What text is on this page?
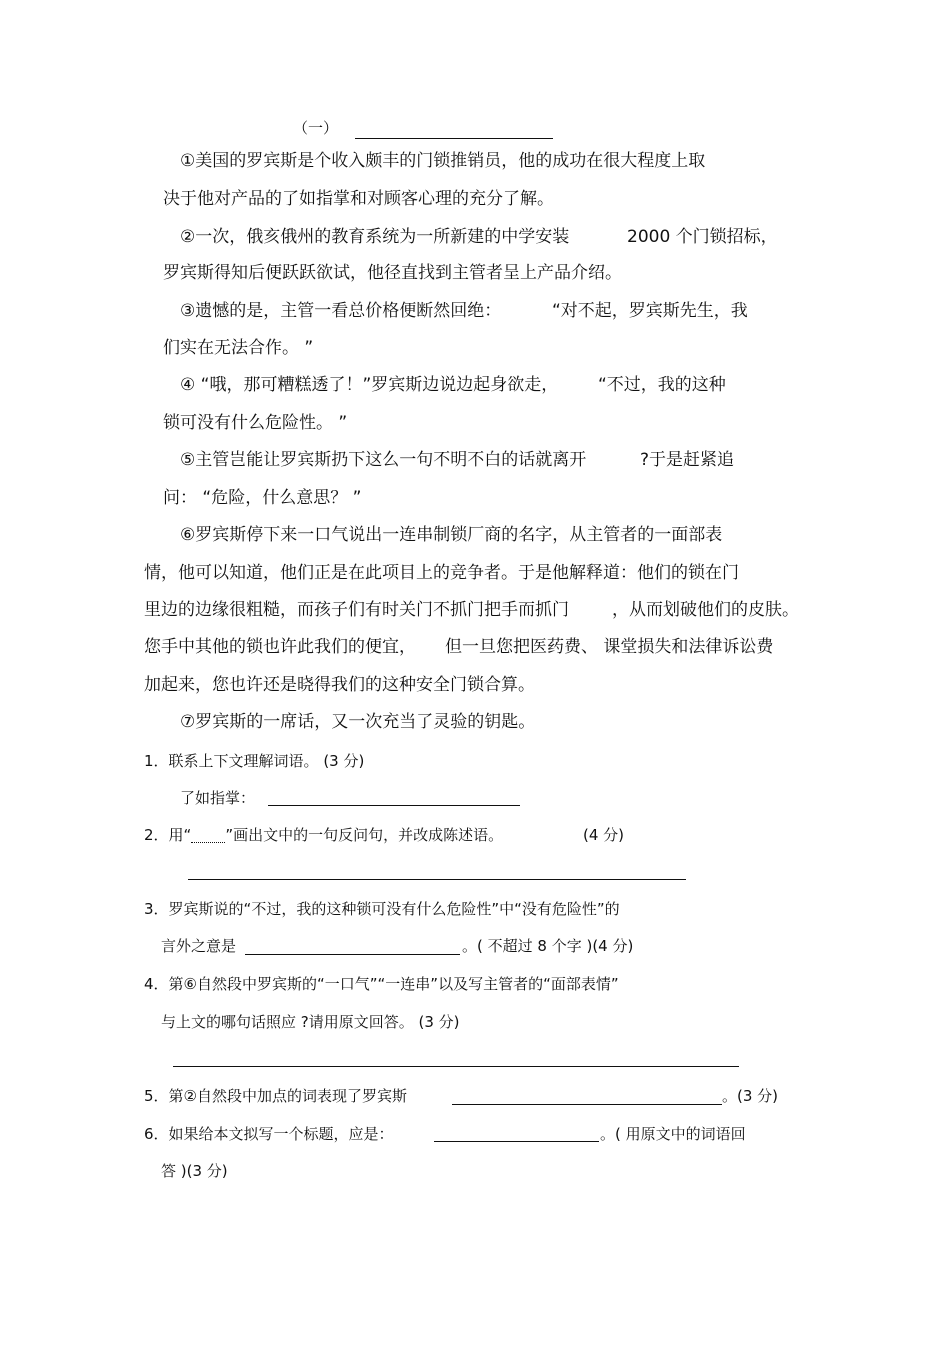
（一）
①美国的罗宾斯是个收入颇丰的门锁推销员，他的成功在很大程度上取
决于他对产品的了如指掌和对顾客心理的充分了解。
②一次，俄亥俄州的教育系统为一所新建的中学安装	2000 个门锁招标，
罗宾斯得知后便跃跃欲试，他径直找到主管者呈上产品介绍。
③遗憾的是，主管一看总价格便断然回绝：	“对不起，罗宾斯先生，我
们实在无法合作。 ”
④ “哦，那可糟糕透了！”罗宾斯边说边起身欲走， “不过，我的这种
锁可没有什么危险性。 ”
⑤主管岂能让罗宾斯扔下这么一句不明不白的话就离开	?于是赶紧追
问： “危险，什么意思？ ”
⑥罗宾斯停下来一口气说出一连串制锁厂商的名字，从主管者的一面部表
情，他可以知道，他们正是在此项目上的竞争者。于是他解释道：他们的锁在门
里边的边缘很粗糙，而孩子们有时关门不抓门把手而抓门	，从而划破他们的皮肤。
您手中其他的锁也许此我们的便宜， 但一旦您把医药费、 课堂损失和法律诉讼费
加起来，您也许还是晓得我们的这种安全门锁合算。
⑦罗宾斯的一席话，又一次充当了灵验的钥匙。
1．联系上下文理解词语。 (3 分)
了如指掌：
2．用“ ”画出文中的一句反问句，并改成陈述语。	(4 分)
3．罗宾斯说的“不过，我的这种锁可没有什么危险性”中“没有危险性”的
言外之意是	。( 不超过 8 个字 )(4 分)
4．第⑥自然段中罗宾斯的“一口气”“一连串”以及写主管者的“面部表情”
与上文的哪句话照应 ?请用原文回答。 (3 分)
5．第②自然段中加点的词表现了罗宾斯	。(3 分)
6．如果给本文拟写一个标题，应是：	。( 用原文中的词语回
答 )(3 分)
